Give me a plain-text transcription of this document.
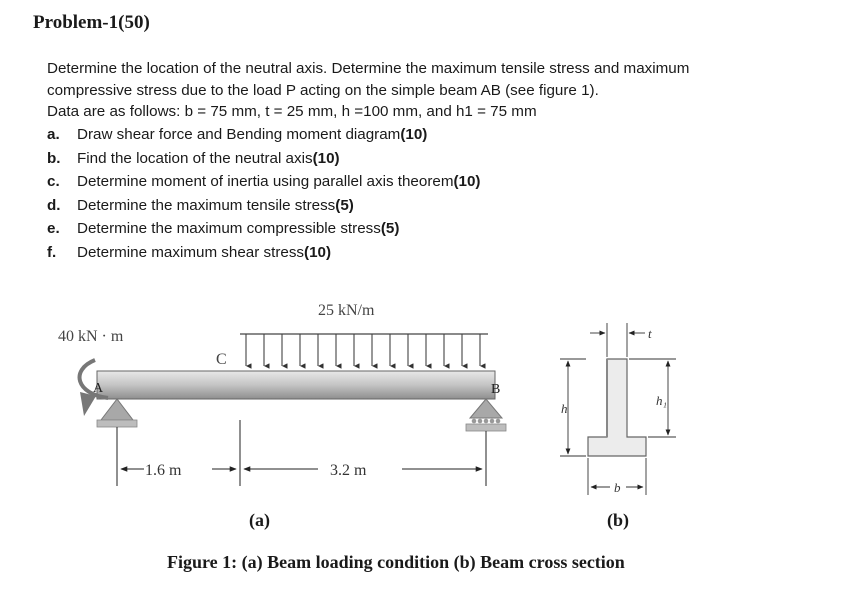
Problem-1(50)

Determine the location of the neutral axis. Determine the maximum tensile stress and maximum

compressive stress due to the load P acting on the simple beam AB (see figure 1).

Data are as follows: b = 75 mm, t = 25 mm, h =100 mm, and h1 = 75 mm

a.	Draw shear force and Bending moment diagram (10)
b.	Find the location of the neutral axis (10)
c.	Determine moment of inertia using parallel axis theorem (10)
d.	Determine the maximum tensile stress (5)
e.	Determine the maximum compressible stress (5)
f.	Determine maximum shear stress (10)
25 kN/m
40 kN · m
A
C
B
1.6 m	3.2 m
t
h
h₁
b
(a)	(b)
Figure 1: (a) Beam loading condition (b) Beam cross section
